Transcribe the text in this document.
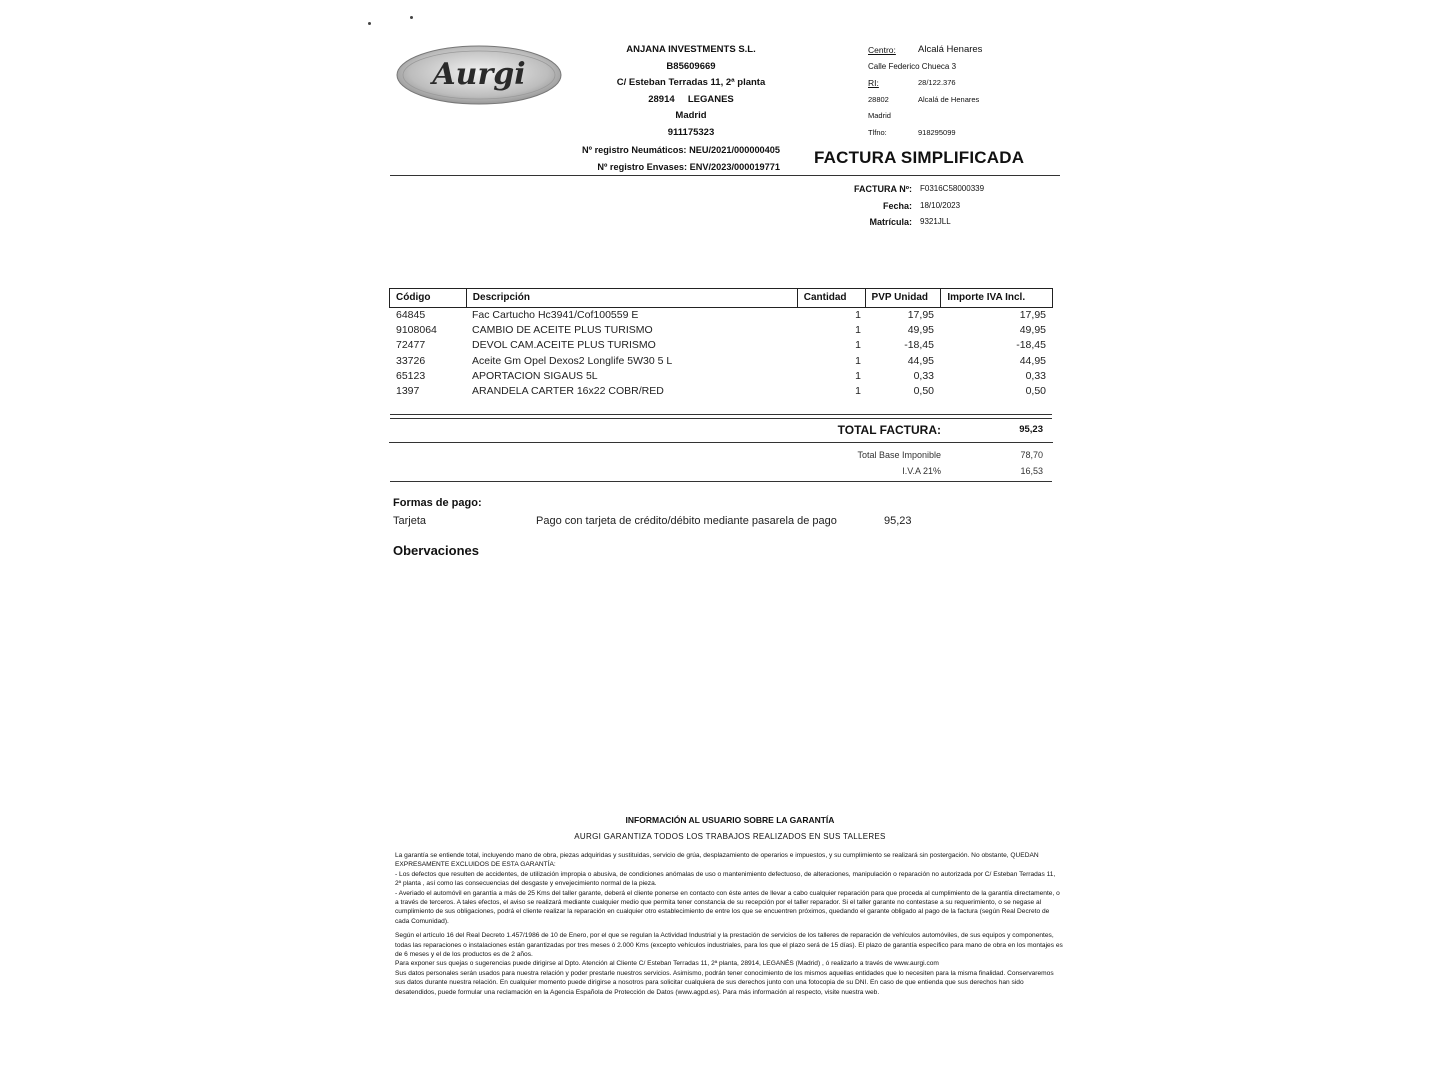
Aurgi
ANJANA INVESTMENTS S.L.
B85609669
C/ Esteban Terradas 11, 2ª planta
28914     LEGANES
Madrid
911175323
Nº registro Neumáticos: NEU/2021/000000405
Nº registro Envases: ENV/2023/000019771
Centro:	Alcalá Henares
Calle Federico Chueca 3
RI:	28/122.376
28802	Alcalá de Henares
Madrid
Tlfno:	918295099
FACTURA SIMPLIFICADA
FACTURA Nº:	F0316C58000339
Fecha:	18/10/2023
Matrícula:	9321JLL
Código	Descripción	Cantidad	PVP Unidad	Importe IVA Incl.
64845	Fac Cartucho Hc3941/Cof100559 E	1	17,95	17,95
9108064	CAMBIO DE ACEITE PLUS TURISMO	1	49,95	49,95
72477	DEVOL CAM.ACEITE PLUS TURISMO	1	-18,45	-18,45
33726	Aceite Gm Opel Dexos2 Longlife 5W30 5 L	1	44,95	44,95
65123	APORTACION SIGAUS 5L	1	0,33	0,33
1397	ARANDELA CARTER 16x22 COBR/RED	1	0,50	0,50
TOTAL FACTURA:	95,23
Total Base Imponible	78,70
I.V.A 21%	16,53
Formas de pago:
Tarjeta	Pago con tarjeta de crédito/débito mediante pasarela de pago	95,23
Obervaciones
INFORMACIÓN AL USUARIO SOBRE LA GARANTÍA
AURGI GARANTIZA TODOS LOS TRABAJOS REALIZADOS EN SUS TALLERES

La garantía se entiende total, incluyendo mano de obra, piezas adquiridas y sustituidas, servicio de grúa, desplazamiento de operarios e impuestos, y su cumplimiento se realizará sin postergación. No obstante, QUEDAN EXPRESAMENTE EXCLUIDOS DE ESTA GARANTÍA:

- Los defectos que resulten de accidentes, de utilización impropia o abusiva, de condiciones anómalas de uso o mantenimiento defectuoso, de alteraciones, manipulación o reparación no autorizada por C/ Esteban Terradas 11, 2ª planta , así como las consecuencias del desgaste y envejecimiento normal de la pieza.

- Averiado el automóvil en garantía a más de 25 Kms del taller garante, deberá el cliente ponerse en contacto con éste antes de llevar a cabo cualquier reparación para que proceda al cumplimiento de la garantía directamente, o a través de terceros. A tales efectos, el aviso se realizará mediante cualquier medio que permita tener constancia de su recepción por el taller reparador. Si el taller garante no contestase a su requerimiento, o se negase al cumplimiento de sus obligaciones, podrá el cliente realizar la reparación en cualquier otro establecimiento de entre los que se encuentren próximos, quedando el garante obligado al pago de la factura (según Real Decreto de cada Comunidad).

Según el artículo 16 del Real Decreto 1.457/1986 de 10 de Enero, por el que se regulan la Actividad Industrial y la prestación de servicios de los talleres de reparación de vehículos automóviles, de sus equipos y componentes, todas las reparaciones o instalaciones están garantizadas por tres meses ó 2.000 Kms (excepto vehículos industriales, para los que el plazo será de 15 días). El plazo de garantía específico para mano de obra en los montajes es de 6 meses y el de los productos es de 2 años.

Para exponer sus quejas o sugerencias puede dirigirse al Dpto. Atención al Cliente C/ Esteban Terradas 11, 2ª planta, 28914, LEGANÉS (Madrid) , ó realizarlo a través de www.aurgi.com

Sus datos personales serán usados para nuestra relación y poder prestarle nuestros servicios. Asimismo, podrán tener conocimiento de los mismos aquellas entidades que lo necesiten para la misma finalidad. Conservaremos sus datos durante nuestra relación. En cualquier momento puede dirigirse a nosotros para solicitar cualquiera de sus derechos junto con una fotocopia de su DNI. En caso de que entienda que sus derechos han sido desatendidos, puede formular una reclamación en la Agencia Española de Protección de Datos (www.agpd.es). Para más información al respecto, visite nuestra web.
